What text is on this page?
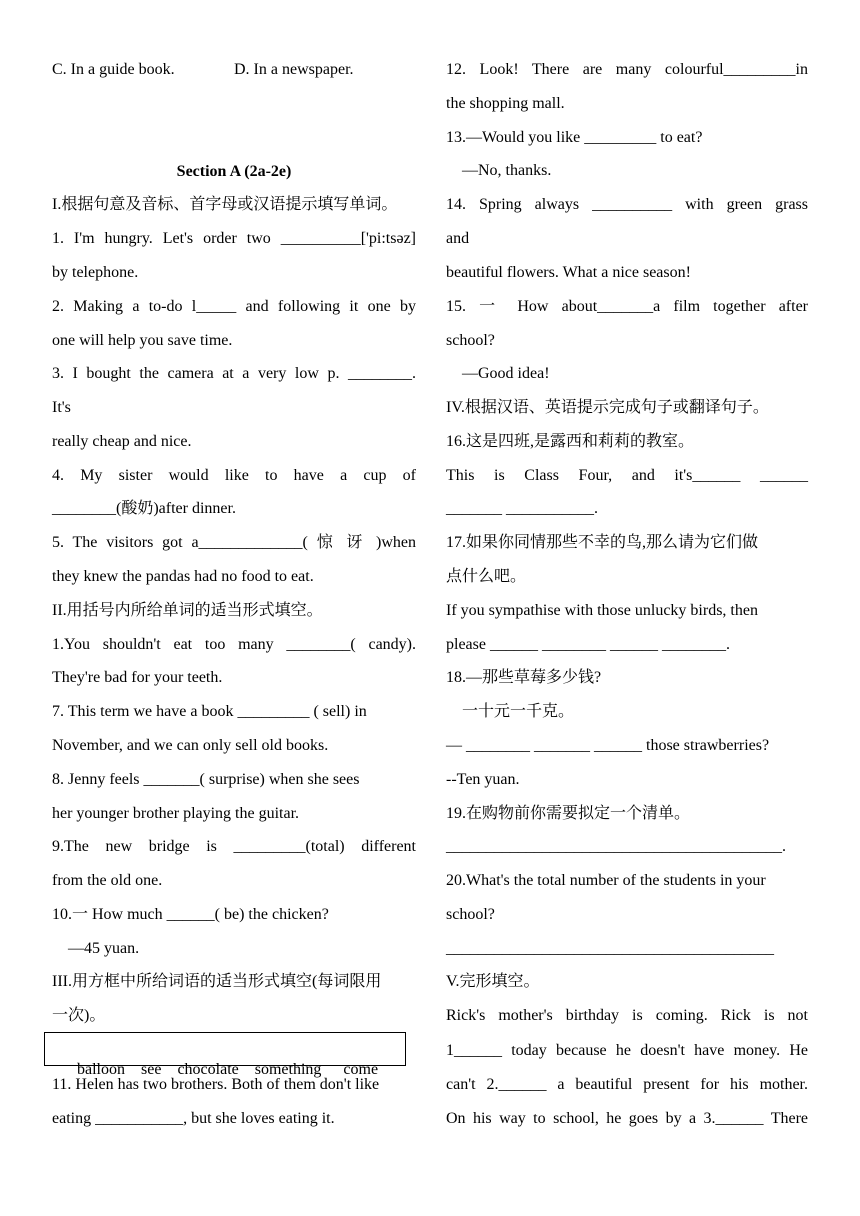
C. In a guide book.	D. In a newspaper.
Section A (2a-2e)
I.根据句意及音标、首字母或汉语提示填写单词。
1. I'm hungry. Let's order two __________['pi:tsəz]
by telephone.
2. Making a to-do l_____ and following it one by
one will help you save time.
3. I bought the camera at a very low p. ________.
It's
really cheap and nice.
4. My sister would like to have a cup of
________(酸奶)after dinner.
5. The visitors got a_____________( 惊 讶 )when
they knew the pandas had no food to eat.
II.用括号内所给单词的适当形式填空。
1.You shouldn't eat too many ________( candy).
They're bad for your teeth.
7. This term we have a book _________ ( sell) in
November, and we can only sell old books.
8. Jenny feels _______( surprise) when she sees
her younger brother playing the guitar.
9.The new bridge is _________(total) different
from the old one.
10.一 How much ______( be) the chicken?
—45 yuan.
III.用方框中所给词语的适当形式填空(每词限用
一次)。

balloon see chocolate something come

11. Helen has two brothers. Both of them don't like
eating ___________, but she loves eating it.
12. Look! There are many colourful_________in
the shopping mall.
13.—Would you like _________ to eat?
—No, thanks.
14. Spring always __________ with green grass
and
beautiful flowers. What a nice season!
15. 一 How about_______a film together after
school?
—Good idea!
IV.根据汉语、英语提示完成句子或翻译句子。
16.这是四班,是露西和莉莉的教室。
This is Class Four, and it's______ ______
_______ ___________.
17.如果你同情那些不幸的鸟,那么请为它们做
点什么吧。
If you sympathise with those unlucky birds, then
please ______ ________ ______ ________.
18.—那些草莓多少钱?
一十元一千克。
— ________ _______ ______ those strawberries?
--Ten yuan.
19.在购物前你需要拟定一个清单。
__________________________________________.
20.What's the total number of the students in your
school?
_________________________________________
V.完形填空。
Rick's mother's birthday is coming. Rick is not
1______ today because he doesn't have money. He
can't 2.______ a beautiful present for his mother.
On his way to school, he goes by a 3.______ There
